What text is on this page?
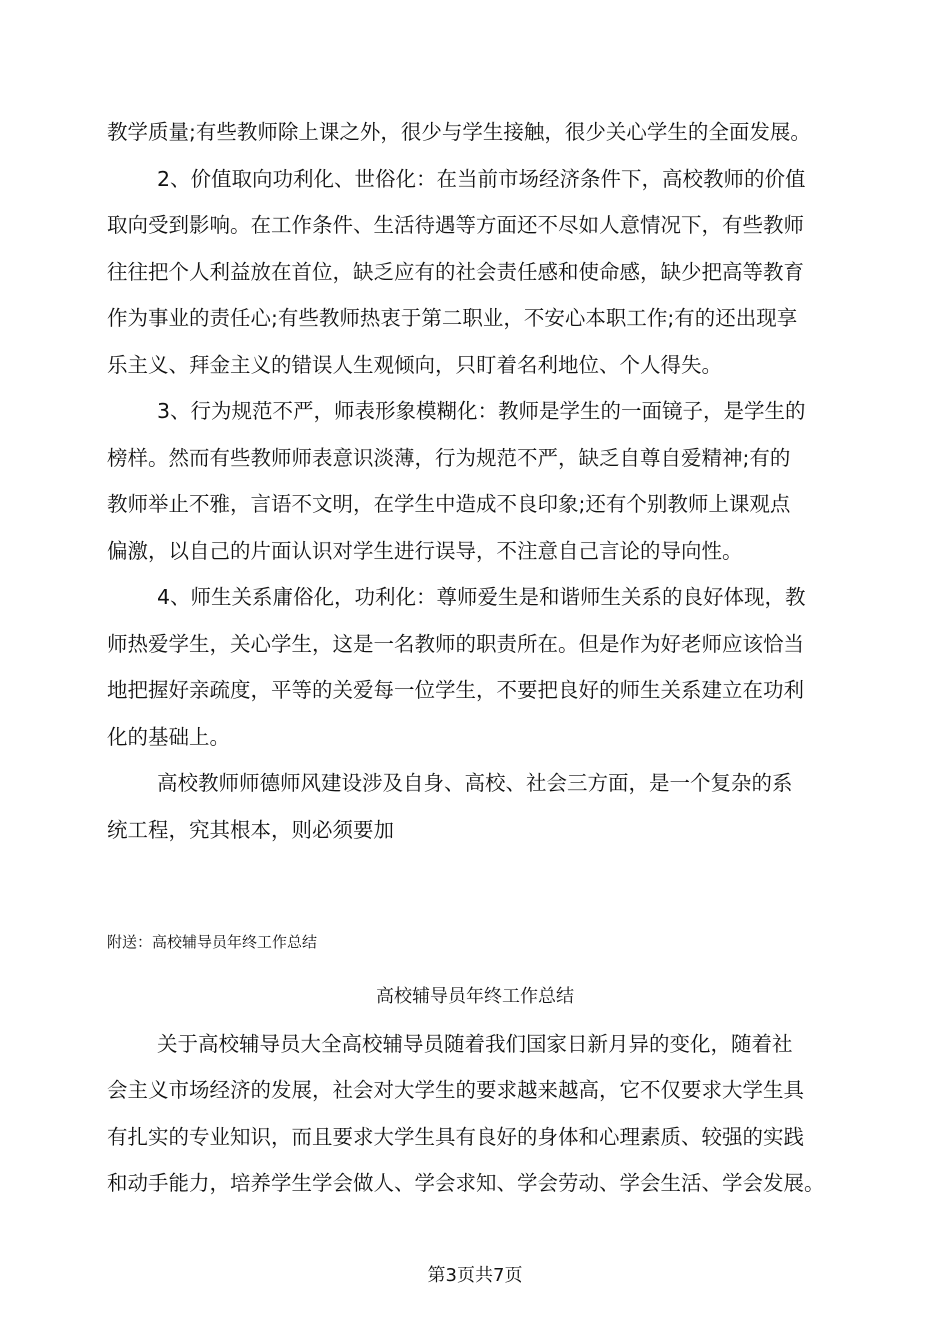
教学质量;有些教师除上课之外，很少与学生接触，很少关心学生的全面发展。
2、价值取向功利化、世俗化：在当前市场经济条件下，高校教师的价值
取向受到影响。在工作条件、生活待遇等方面还不尽如人意情况下，有些教师
往往把个人利益放在首位，缺乏应有的社会责任感和使命感，缺少把高等教育
作为事业的责任心;有些教师热衷于第二职业，不安心本职工作;有的还出现享
乐主义、拜金主义的错误人生观倾向，只盯着名利地位、个人得失。
3、行为规范不严，师表形象模糊化：教师是学生的一面镜子，是学生的
榜样。然而有些教师师表意识淡薄，行为规范不严，缺乏自尊自爱精神;有的
教师举止不雅，言语不文明，在学生中造成不良印象;还有个别教师上课观点
偏激，以自己的片面认识对学生进行误导，不注意自己言论的导向性。
4、师生关系庸俗化，功利化：尊师爱生是和谐师生关系的良好体现，教
师热爱学生，关心学生，这是一名教师的职责所在。但是作为好老师应该恰当
地把握好亲疏度，平等的关爱每一位学生，不要把良好的师生关系建立在功利
化的基础上。
高校教师师德师风建设涉及自身、高校、社会三方面，是一个复杂的系
统工程，究其根本，则必须要加
附送：高校辅导员年终工作总结
高校辅导员年终工作总结
关于高校辅导员大全高校辅导员随着我们国家日新月异的变化，随着社
会主义市场经济的发展，社会对大学生的要求越来越高，它不仅要求大学生具
有扎实的专业知识，而且要求大学生具有良好的身体和心理素质、较强的实践
和动手能力，培养学生学会做人、学会求知、学会劳动、学会生活、学会发展。
第3页共7页
